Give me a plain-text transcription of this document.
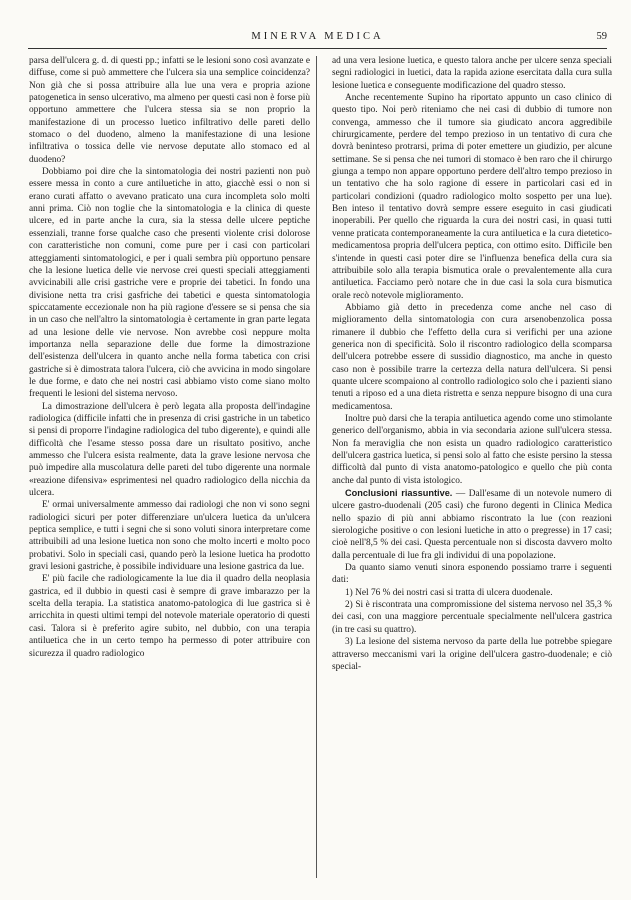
MINERVA MEDICA	59

parsa dell'ulcera g. d. di questi pp.; infatti se le lesioni sono così avanzate e diffuse, come si può ammettere che l'ulcera sia una semplice coincidenza? Non già che si possa attribuire alla lue una vera e propria azione patogenetica in senso ulcerativo, ma almeno per questi casi non è forse più opportuno ammettere che l'ulcera stessa sia se non proprio la manifestazione di un processo luetico infiltrativo delle pareti dello stomaco o del duodeno, almeno la manifestazione di una lesione infiltrativa o tossica delle vie nervose deputate allo stomaco ed al duodeno?

Dobbiamo poi dire che la sintomatologia dei nostri pazienti non può essere messa in conto a cure antiluetiche in atto, giacchè essi o non si erano curati affatto o avevano praticato una cura incompleta solo molti anni prima. Ciò non toglie che la sintomatologia e la clinica di queste ulcere, ed in parte anche la cura, sia la stessa delle ulcere peptiche essenziali, tranne forse qualche caso che presenti violente crisi dolorose con caratteristiche non comuni, come pure per i casi con particolari atteggiamenti sintomatologici, e per i quali sembra più opportuno pensare che la lesione luetica delle vie nervose crei questi speciali atteggiamenti avvicinabili alle crisi gastriche vere e proprie dei tabetici. In fondo una divisione netta tra crisi gasfriche dei tabetici e questa sintomatologia spiccatamente eccezionale non ha più ragione d'essere se si pensa che sia in un caso che nell'altro la sintomatologia è certamente in gran parte legata ad una lesione delle vie nervose. Non avrebbe così neppure molta importanza nella separazione delle due forme la dimostrazione dell'esistenza dell'ulcera in quanto anche nella forma tabetica con crisi gastriche si è dimostrata talora l'ulcera, ciò che avvicina in modo singolare le due forme, e dato che nei nostri casi abbiamo visto come siano molto frequenti le lesioni del sistema nervoso.

La dimostrazione dell'ulcera è però legata alla proposta dell'indagine radiologica (difficile infatti che in presenza di crisi gastriche in un tabetico si pensi di proporre l'indagine radiologica del tubo digerente), e quindi alle difficoltà che l'esame stesso possa dare un risultato positivo, anche ammesso che l'ulcera esista realmente, data la grave lesione nervosa che può impedire alla muscolatura delle pareti del tubo digerente una normale «reazione difensiva» esprimentesi nel quadro radiologico della nicchia da ulcera.

E' ormai universalmente ammesso dai radiologi che non vi sono segni radiologici sicuri per poter differenziare un'ulcera luetica da un'ulcera peptica semplice, e tutti i segni che si sono voluti sinora interpretare come attribuibili ad una lesione luetica non sono che molto incerti e molto poco probativi. Solo in speciali casi, quando però la lesione luetica ha prodotto gravi lesioni gastriche, è possibile individuare una lesione gastrica da lue.

E' più facile che radiologicamente la lue dia il quadro della neoplasia gastrica, ed il dubbio in questi casi è sempre di grave imbarazzo per la scelta della terapia. La statistica anatomo-patologica di lue gastrica si è arricchita in questi ultimi tempi del notevole materiale operatorio di questi casi. Talora si è preferito agire subito, nel dubbio, con una terapia antiluetica che in un certo tempo ha permesso di poter attribuire con sicurezza il quadro radiologico

ad una vera lesione luetica, e questo talora anche per ulcere senza speciali segni radiologici in luetici, data la rapida azione esercitata dalla cura sulla lesione luetica e conseguente modificazione del quadro stesso.

Anche recentemente Supino ha riportato appunto un caso clinico di questo tipo. Noi però riteniamo che nei casi di dubbio di tumore non convenga, ammesso che il tumore sia giudicato ancora aggredibile chirurgicamente, perdere del tempo prezioso in un tentativo di cura che dovrà beninteso protrarsi, prima di poter emettere un giudizio, per alcune settimane. Se si pensa che nei tumori di stomaco è ben raro che il chirurgo giunga a tempo non appare opportuno perdere dell'altro tempo prezioso in un tentativo che ha solo ragione di essere in particolari casi ed in particolari condizioni (quadro radiologico molto sospetto per una lue). Ben inteso il tentativo dovrà sempre essere eseguito in casi giudicati inoperabili. Per quello che riguarda la cura dei nostri casi, in quasi tutti venne praticata contemporaneamente la cura antiluetica e la cura dietetico-medicamentosa propria dell'ulcera peptica, con ottimo esito. Difficile ben s'intende in questi casi poter dire se l'influenza benefica della cura sia attribuibile solo alla terapia bismutica orale o prevalentemente alla cura antiluetica. Facciamo però notare che in due casi la sola cura bismutica orale recò notevole miglioramento.

Abbiamo già detto in precedenza come anche nel caso di miglioramento della sintomatologia con cura arsenobenzolica possa rimanere il dubbio che l'effetto della cura si verifichi per una azione generica non di specificità. Solo il riscontro radiologico della scomparsa dell'ulcera potrebbe essere di sussidio diagnostico, ma anche in questo caso non è possibile trarre la certezza della natura dell'ulcera. Si pensi quante ulcere scompaiono al controllo radiologico solo che i pazienti siano tenuti a riposo ed a una dieta ristretta e senza neppure bisogno di una cura medicamentosa.

Inoltre può darsi che la terapia antiluetica agendo come uno stimolante generico dell'organismo, abbia in via secondaria azione sull'ulcera stessa. Non fa meraviglia che non esista un quadro radiologico caratteristico dell'ulcera gastrica luetica, si pensi solo al fatto che esiste persino la stessa difficoltà dal punto di vista anatomo-patologico e quello che più conta anche dal punto di vista istologico.

Conclusioni riassuntive. — Dall'esame di un notevole numero di ulcere gastro-duodenali (205 casi) che furono degenti in Clinica Medica nello spazio di più anni abbiamo riscontrato la lue (con reazioni sierologiche positive o con lesioni luetiche in atto o pregresse) in 17 casi; cioè nell'8,5 % dei casi. Questa percentuale non si discosta davvero molto dalla percentuale di lue fra gli individui di una popolazione.

Da quanto siamo venuti sinora esponendo possiamo trarre i seguenti dati:

1) Nel 76 % dei nostri casi si tratta di ulcera duodenale.

2) Si è riscontrata una compromissione del sistema nervoso nel 35,3 % dei casi, con una maggiore percentuale specialmente nell'ulcera gastrica (in tre casi su quattro).

3) La lesione del sistema nervoso da parte della lue potrebbe spiegare attraverso meccanismi vari la origine dell'ulcera gastro-duodenale; e ciò special-
